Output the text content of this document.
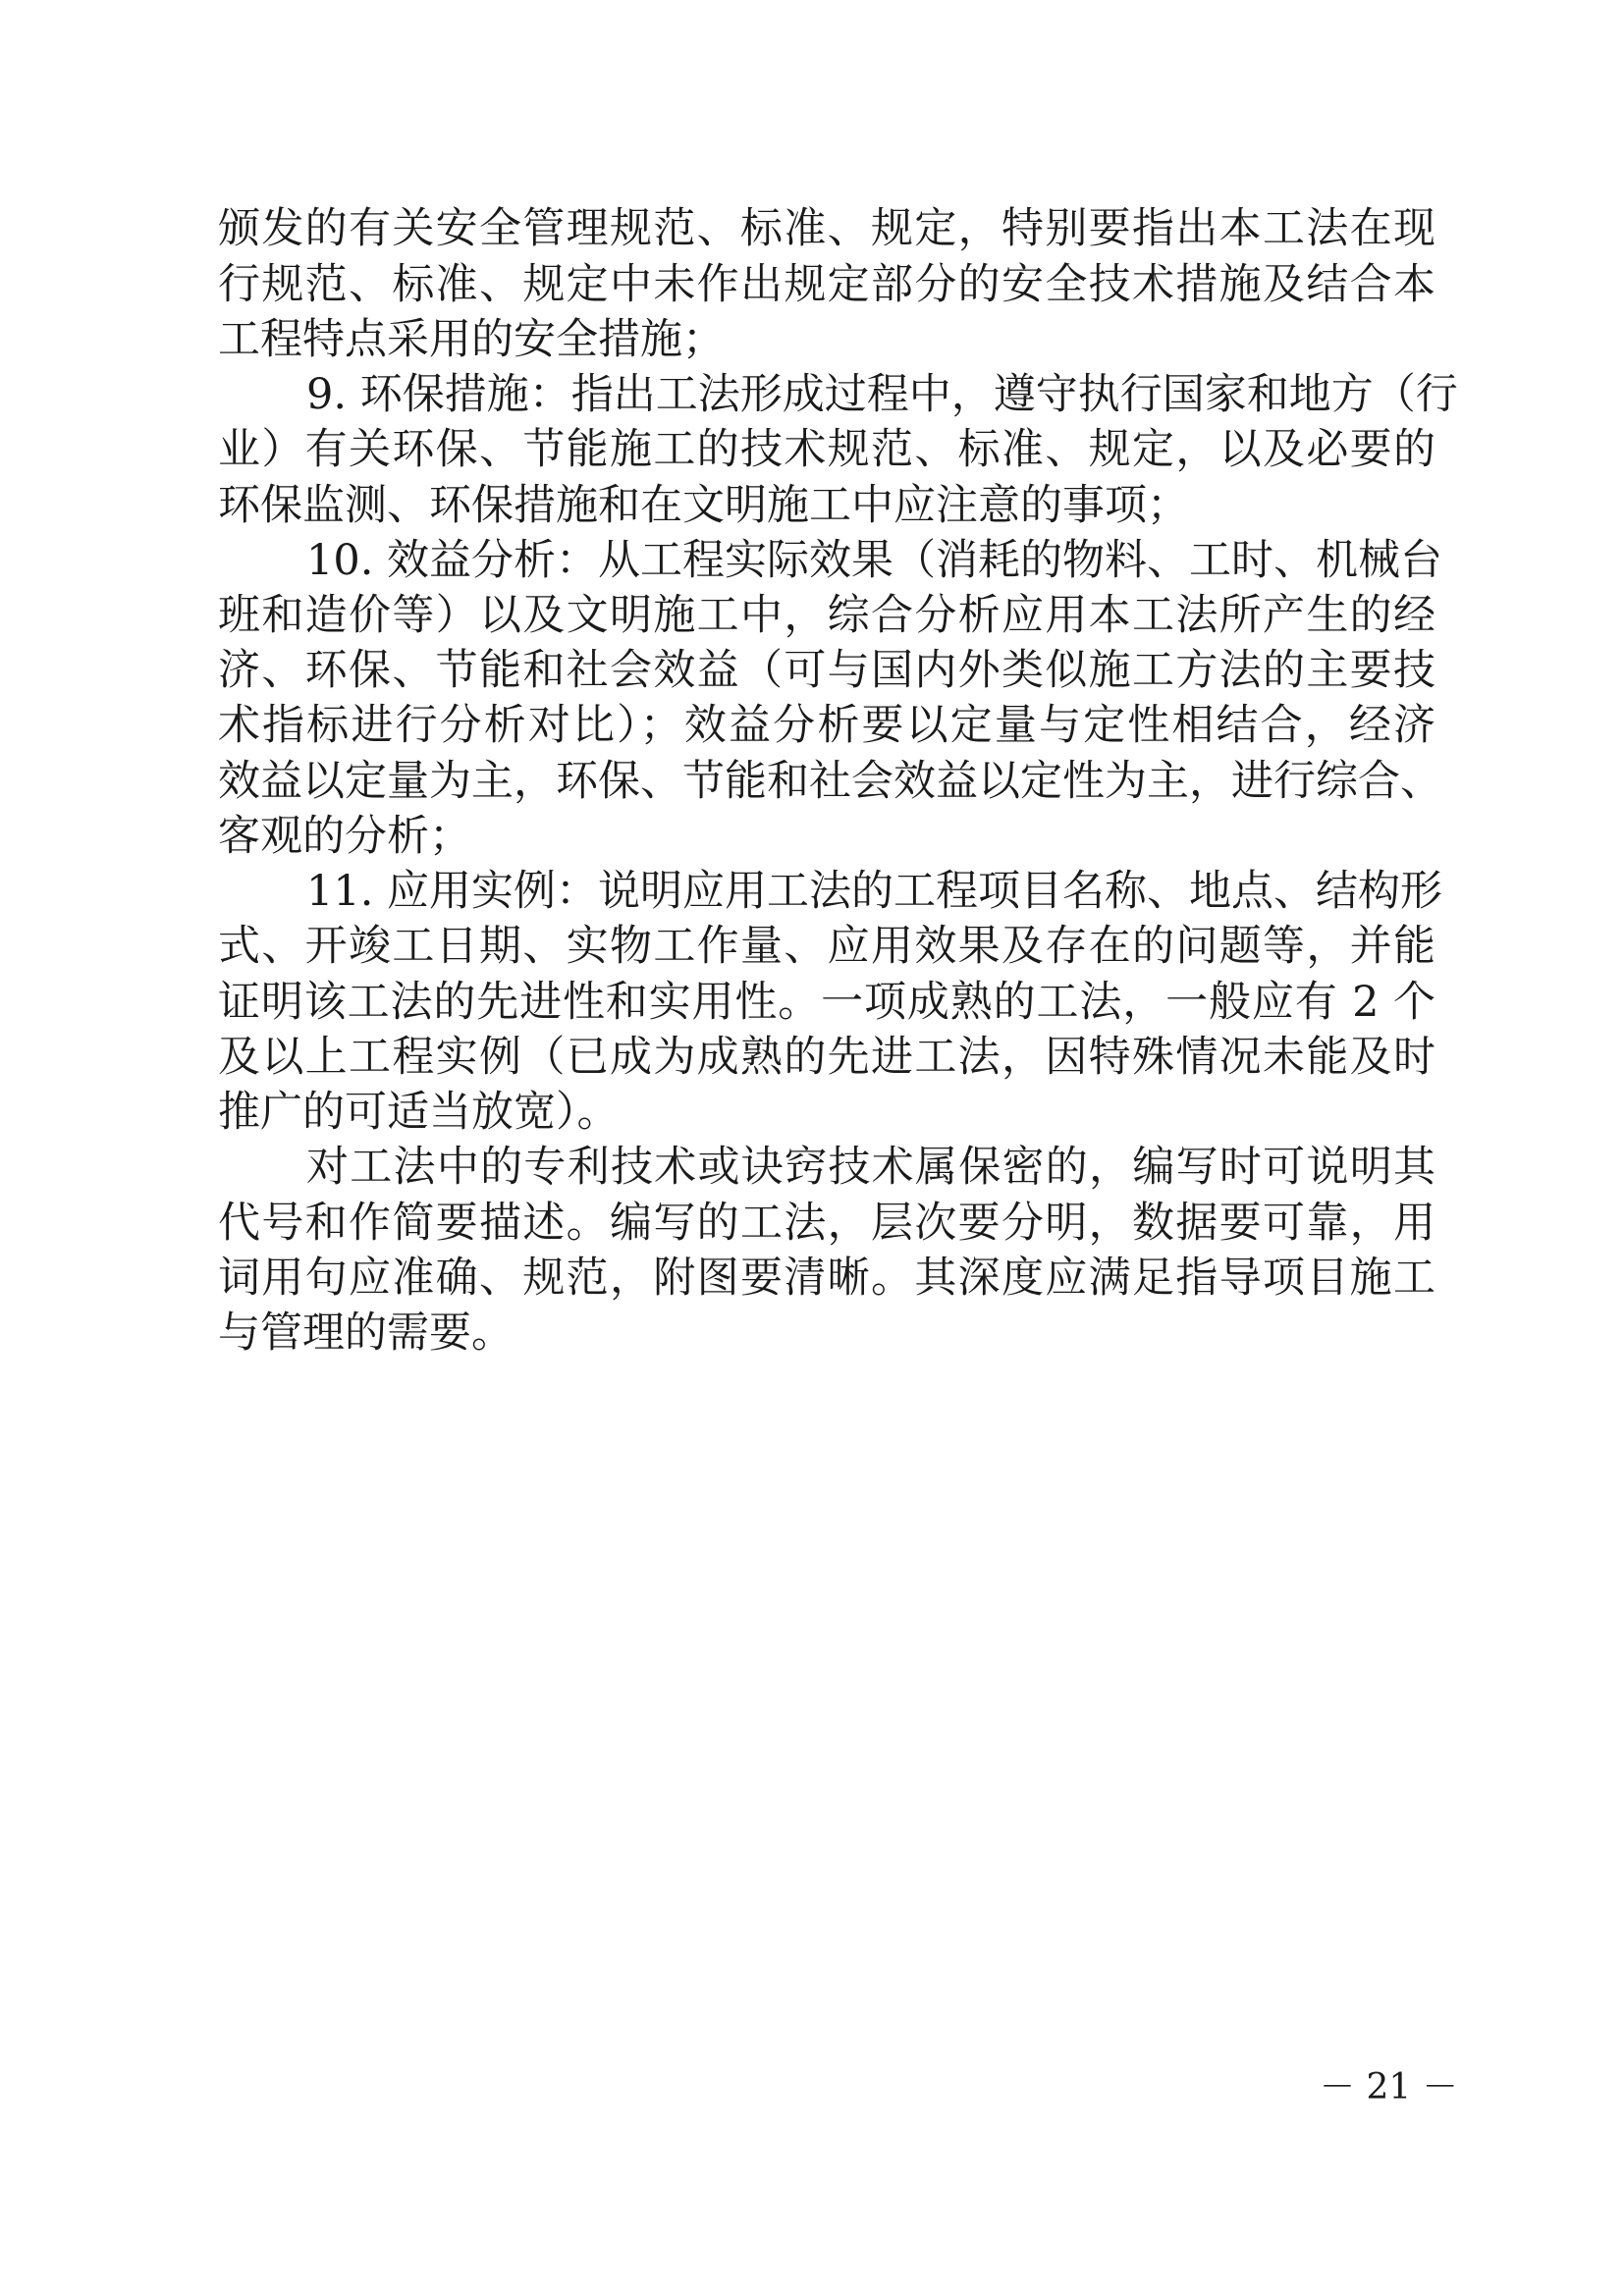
颁发的有关安全管理规范、标准、规定，特别要指出本工法在现
行规范、标准、规定中未作出规定部分的安全技术措施及结合本
工程特点采用的安全措施；
9. 环保措施：指出工法形成过程中，遵守执行国家和地方（行
业）有关环保、节能施工的技术规范、标准、规定，以及必要的
环保监测、环保措施和在文明施工中应注意的事项；
10. 效益分析：从工程实际效果（消耗的物料、工时、机械台
班和造价等）以及文明施工中，综合分析应用本工法所产生的经
济、环保、节能和社会效益（可与国内外类似施工方法的主要技
术指标进行分析对比）；效益分析要以定量与定性相结合，经济
效益以定量为主，环保、节能和社会效益以定性为主，进行综合、
客观的分析；
11. 应用实例：说明应用工法的工程项目名称、地点、结构形
式、开竣工日期、实物工作量、应用效果及存在的问题等，并能
证明该工法的先进性和实用性。一项成熟的工法，一般应有 2 个
及以上工程实例（已成为成熟的先进工法，因特殊情况未能及时
推广的可适当放宽）。
对工法中的专利技术或诀窍技术属保密的，编写时可说明其
代号和作简要描述。编写的工法，层次要分明，数据要可靠，用
词用句应准确、规范，附图要清晰。其深度应满足指导项目施工
与管理的需要。
－ 21 －
